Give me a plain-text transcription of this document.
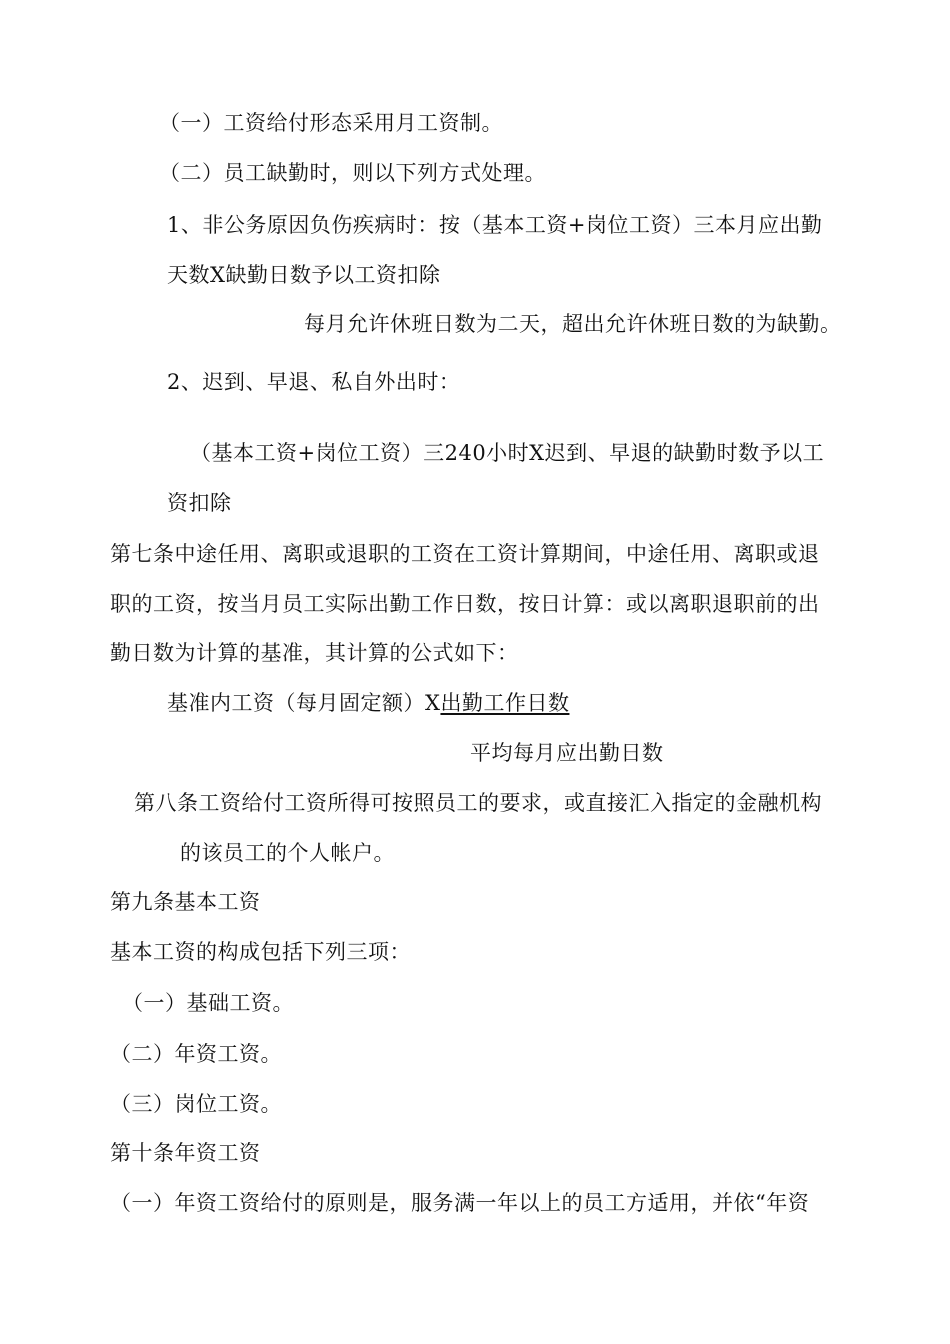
（一）工资给付形态采用月工资制。
（二）员工缺勤时，则以下列方式处理。
1、非公务原因负伤疾病时：按（基本工资+岗位工资）三本月应出勤
天数X缺勤日数予以工资扣除
每月允许休班日数为二天，超出允许休班日数的为缺勤。
2、迟到、早退、私自外出时：
（基本工资+岗位工资）三240小时X迟到、早退的缺勤时数予以工
资扣除
第七条中途任用、离职或退职的工资在工资计算期间，中途任用、离职或退
职的工资，按当月员工实际出勤工作日数，按日计算：或以离职退职前的出
勤日数为计算的基准，其计算的公式如下：
基准内工资（每月固定额）X出勤工作日数
平均每月应出勤日数
第八条工资给付工资所得可按照员工的要求，或直接汇入指定的金融机构
的该员工的个人帐户。
第九条基本工资
基本工资的构成包括下列三项：
（一）基础工资。
（二）年资工资。
（三）岗位工资。
第十条年资工资
（一）年资工资给付的原则是，服务满一年以上的员工方适用，并依“年资
